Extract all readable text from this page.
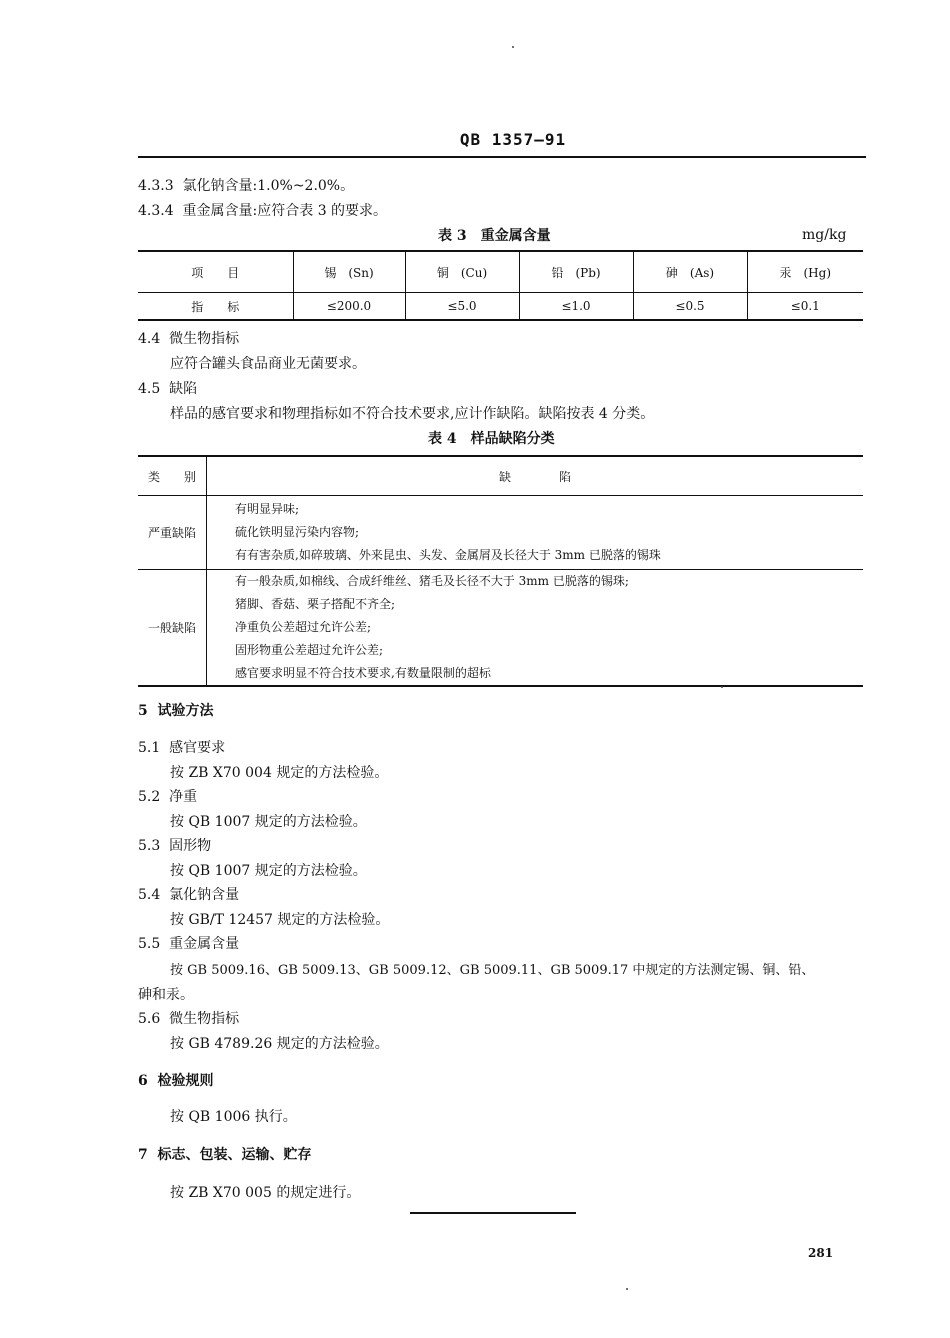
QB 1357—91
4.3.3 氯化钠含量:1.0%~2.0%。
4.3.4 重金属含量:应符合表 3 的要求。
表 3　重金属含量	mg/kg
项　　目	锡　(Sn)	铜　(Cu)	铅　(Pb)	砷　(As)	汞　(Hg)
指　　标	≤200.0	≤5.0	≤1.0	≤0.5	≤0.1
4.4 微生物指标
应符合罐头食品商业无菌要求。
4.5 缺陷
样品的感官要求和物理指标如不符合技术要求,应计作缺陷。缺陷按表 4 分类。
表 4　样品缺陷分类
类　　别	缺　　　　陷
严重缺陷	有明显异味;
硫化铁明显污染内容物;
有有害杂质,如碎玻璃、外来昆虫、头发、金属屑及长径大于 3mm 已脱落的锡珠

一般缺陷	有一般杂质,如棉线、合成纤维丝、猪毛及长径不大于 3mm 已脱落的锡珠;
猪脚、香菇、栗子搭配不齐全;
净重负公差超过允许公差;
固形物重公差超过允许公差;
感官要求明显不符合技术要求,有数量限制的超标
5 试验方法
5.1 感官要求
按 ZB X70 004 规定的方法检验。
5.2 净重
按 QB 1007 规定的方法检验。
5.3 固形物
按 QB 1007 规定的方法检验。
5.4 氯化钠含量
按 GB/T 12457 规定的方法检验。
5.5 重金属含量
按 GB 5009.16、GB 5009.13、GB 5009.12、GB 5009.11、GB 5009.17 中规定的方法测定锡、铜、铅、
砷和汞。
5.6 微生物指标
按 GB 4789.26 规定的方法检验。
6 检验规则
按 QB 1006 执行。
7 标志、包装、运输、贮存
按 ZB X70 005 的规定进行。
281
